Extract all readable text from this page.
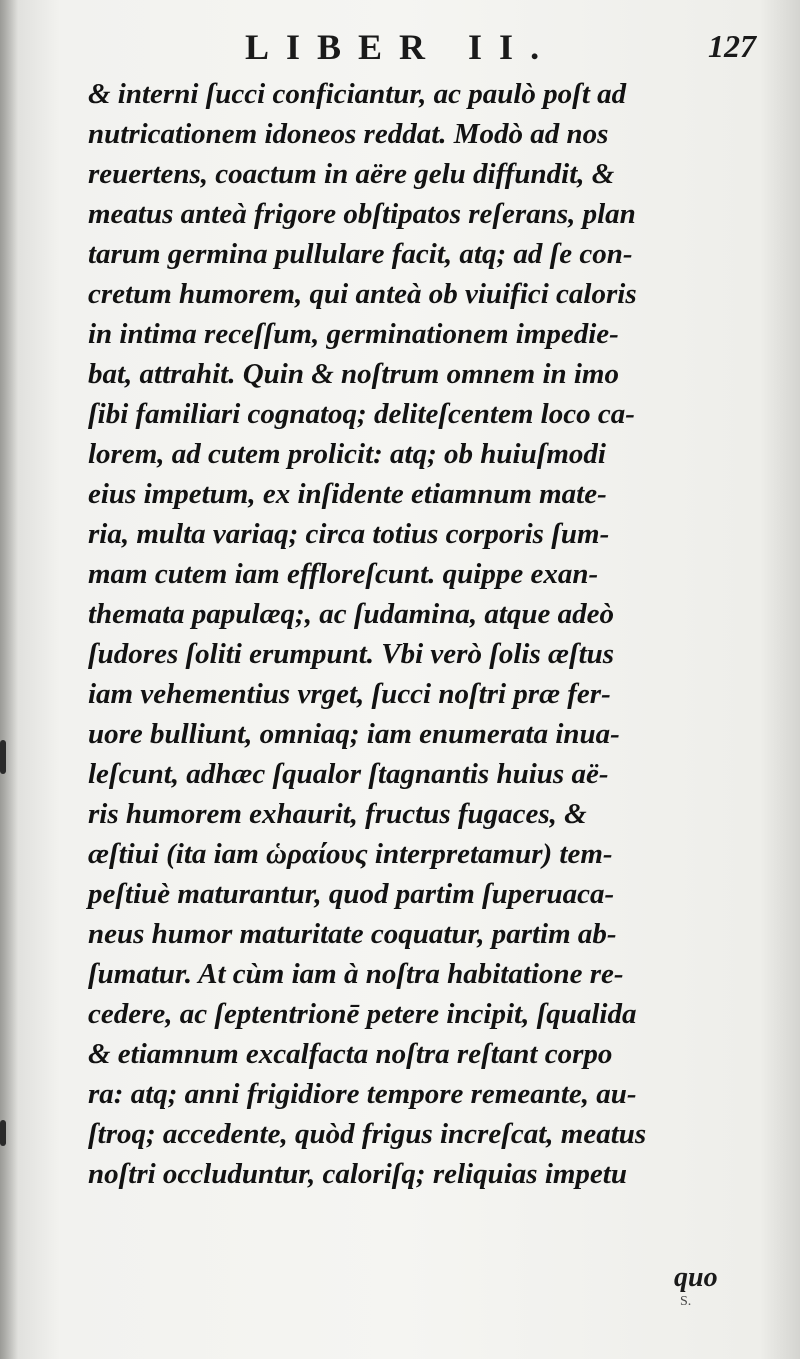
LIBER II.	127
& interni ſucci conficiantur, ac paulò poſt ad
nutricationem idoneos reddat. Modò ad nos
reuertens, coactum in aëre gelu diffundit, &
meatus anteà frigore obſtipatos reſerans, plan
tarum germina pullulare facit, atq; ad ſe con-
cretum humorem, qui anteà ob viuifici caloris
in intima receſſum, germinationem impedie-
bat, attrahit. Quin & noſtrum omnem in imo
ſibi familiari cognatoq; deliteſcentem loco ca-
lorem, ad cutem prolicit: atq; ob huiuſmodi
eius impetum, ex inſidente etiamnum mate-
ria, multa variaq; circa totius corporis ſum-
mam cutem iam effloreſcunt. quippe exan-
themata papulæq;, ac ſudamina, atque adeò
ſudores ſoliti erumpunt. Vbi verò ſolis æſtus
iam vehementius vrget, ſucci noſtri præ fer-
uore bulliunt, omniaq; iam enumerata inua-
leſcunt, adhæc ſqualor ſtagnantis huius aë-
ris humorem exhaurit, fructus fugaces, &
æſtiui (ita iam ὡραίους interpretamur) tem-
peſtiuè maturantur, quod partim ſuperuaca-
neus humor maturitate coquatur, partim ab-
ſumatur. At cùm iam à noſtra habitatione re-
cedere, ac ſeptentrionē petere incipit, ſqualida
& etiamnum excalfacta noſtra reſtant corpo
ra: atq; anni frigidiore tempore remeante, au-
ſtroq; accedente, quòd frigus increſcat, meatus
noſtri occluduntur, caloriſq; reliquias impetu
quo
S.
